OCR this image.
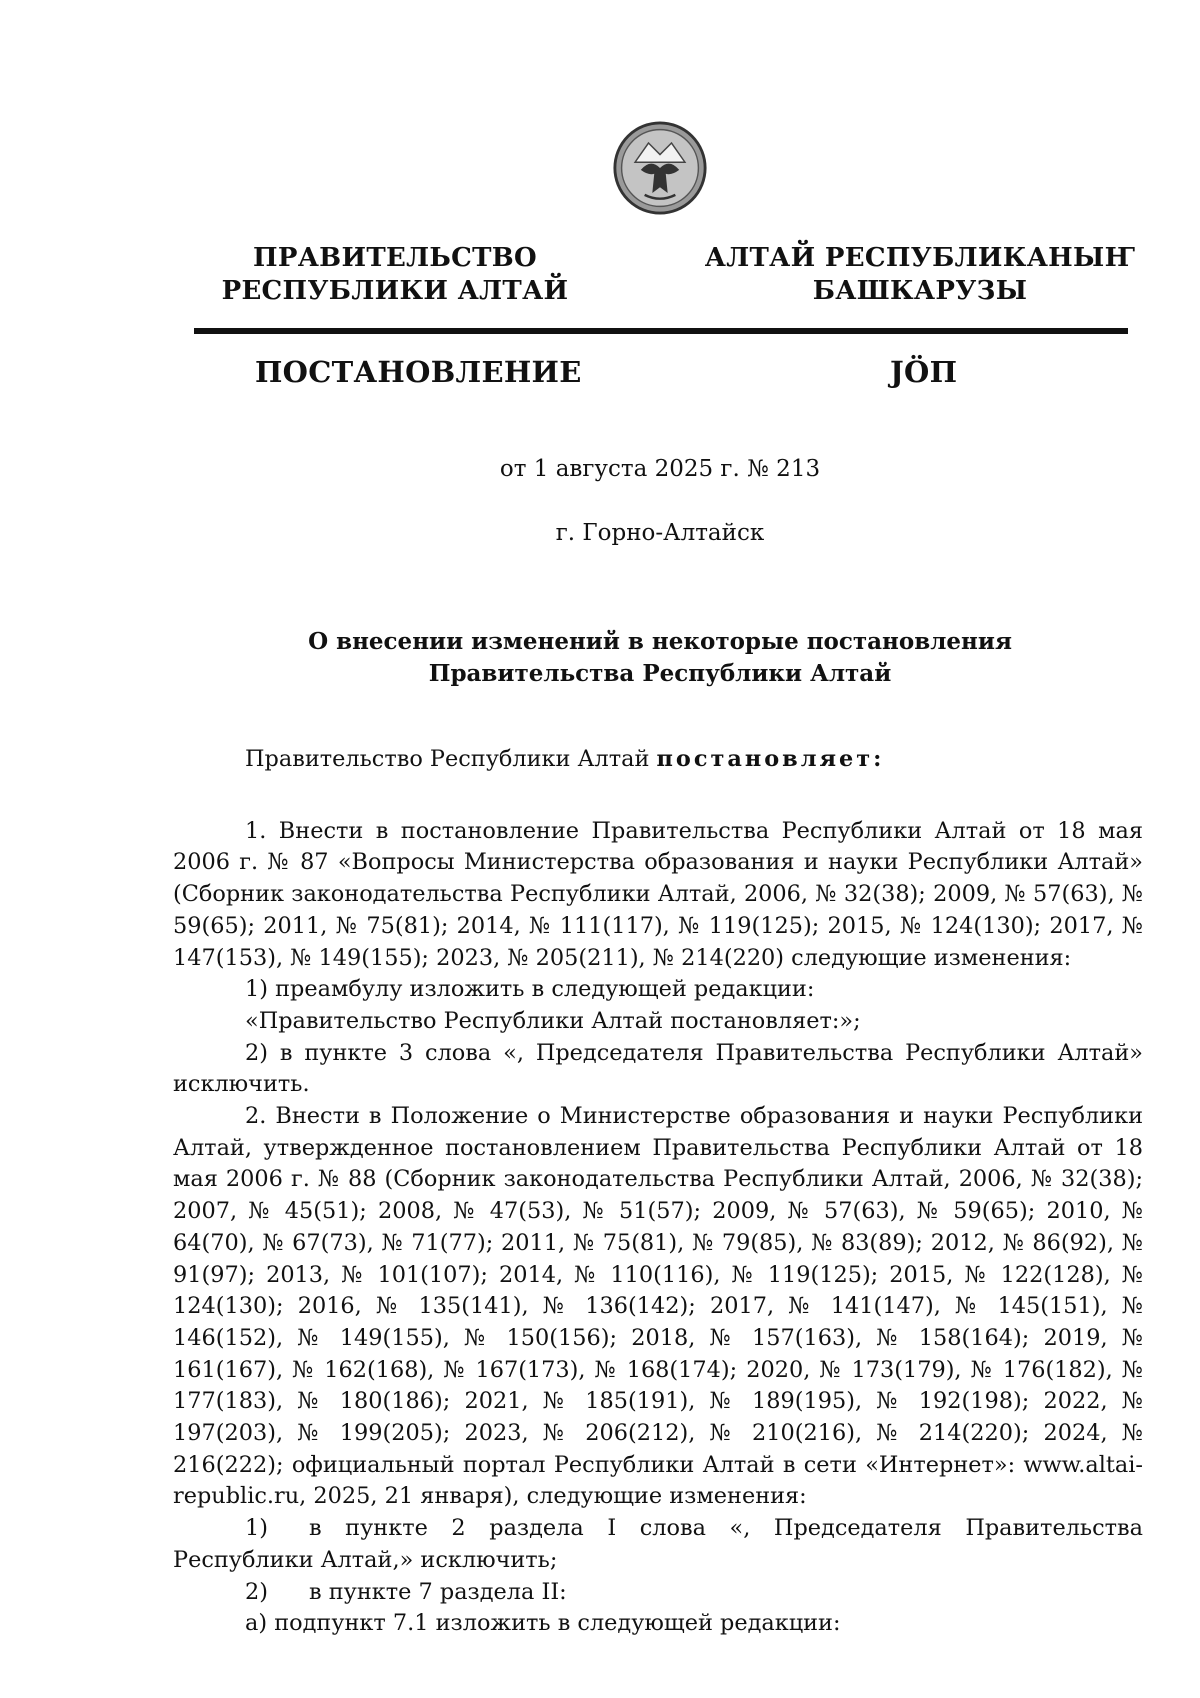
ПРАВИТЕЛЬСТВО
РЕСПУБЛИКИ АЛТАЙ
АЛТАЙ РЕСПУБЛИКАНЫҤ
БАШКАРУЗЫ
ПОСТАНОВЛЕНИЕ	JӦП
от 1 августа 2025 г. № 213
г. Горно-Алтайск
О внесении изменений в некоторые постановления
Правительства Республики Алтай

Правительство Республики Алтай постановляет:

1. Внести в постановление Правительства Республики Алтай от 18 мая 2006 г. № 87 «Вопросы Министерства образования и науки Республики Алтай» (Сборник законодательства Республики Алтай, 2006, № 32(38); 2009, № 57(63), № 59(65); 2011, № 75(81); 2014, № 111(117), № 119(125); 2015, № 124(130); 2017, № 147(153), № 149(155); 2023, № 205(211), № 214(220) следующие изменения:

1) преамбулу изложить в следующей редакции:

«Правительство Республики Алтай постановляет:»;

2) в пункте 3 слова «, Председателя Правительства Республики Алтай» исключить.

2. Внести в Положение о Министерстве образования и науки Республики Алтай, утвержденное постановлением Правительства Республики Алтай от 18 мая 2006 г. № 88 (Сборник законодательства Республики Алтай, 2006, № 32(38); 2007, № 45(51); 2008, № 47(53), № 51(57); 2009, № 57(63), № 59(65); 2010, № 64(70), № 67(73), № 71(77); 2011, № 75(81), № 79(85), № 83(89); 2012, № 86(92), № 91(97); 2013, № 101(107); 2014, № 110(116), № 119(125); 2015, № 122(128), № 124(130); 2016, № 135(141), № 136(142); 2017, № 141(147), № 145(151), № 146(152), № 149(155), № 150(156); 2018, № 157(163), № 158(164); 2019, № 161(167), № 162(168), № 167(173), № 168(174); 2020, № 173(179), № 176(182), № 177(183), № 180(186); 2021, № 185(191), № 189(195), № 192(198); 2022, № 197(203), № 199(205); 2023, № 206(212), № 210(216), № 214(220); 2024, № 216(222); официальный портал Республики Алтай в сети «Интернет»: www.altai-republic.ru, 2025, 21 января), следующие изменения:

1) в пункте 2 раздела I слова «, Председателя Правительства Республики Алтай,» исключить;

2) в пункте 7 раздела II:

а) подпункт 7.1 изложить в следующей редакции:
